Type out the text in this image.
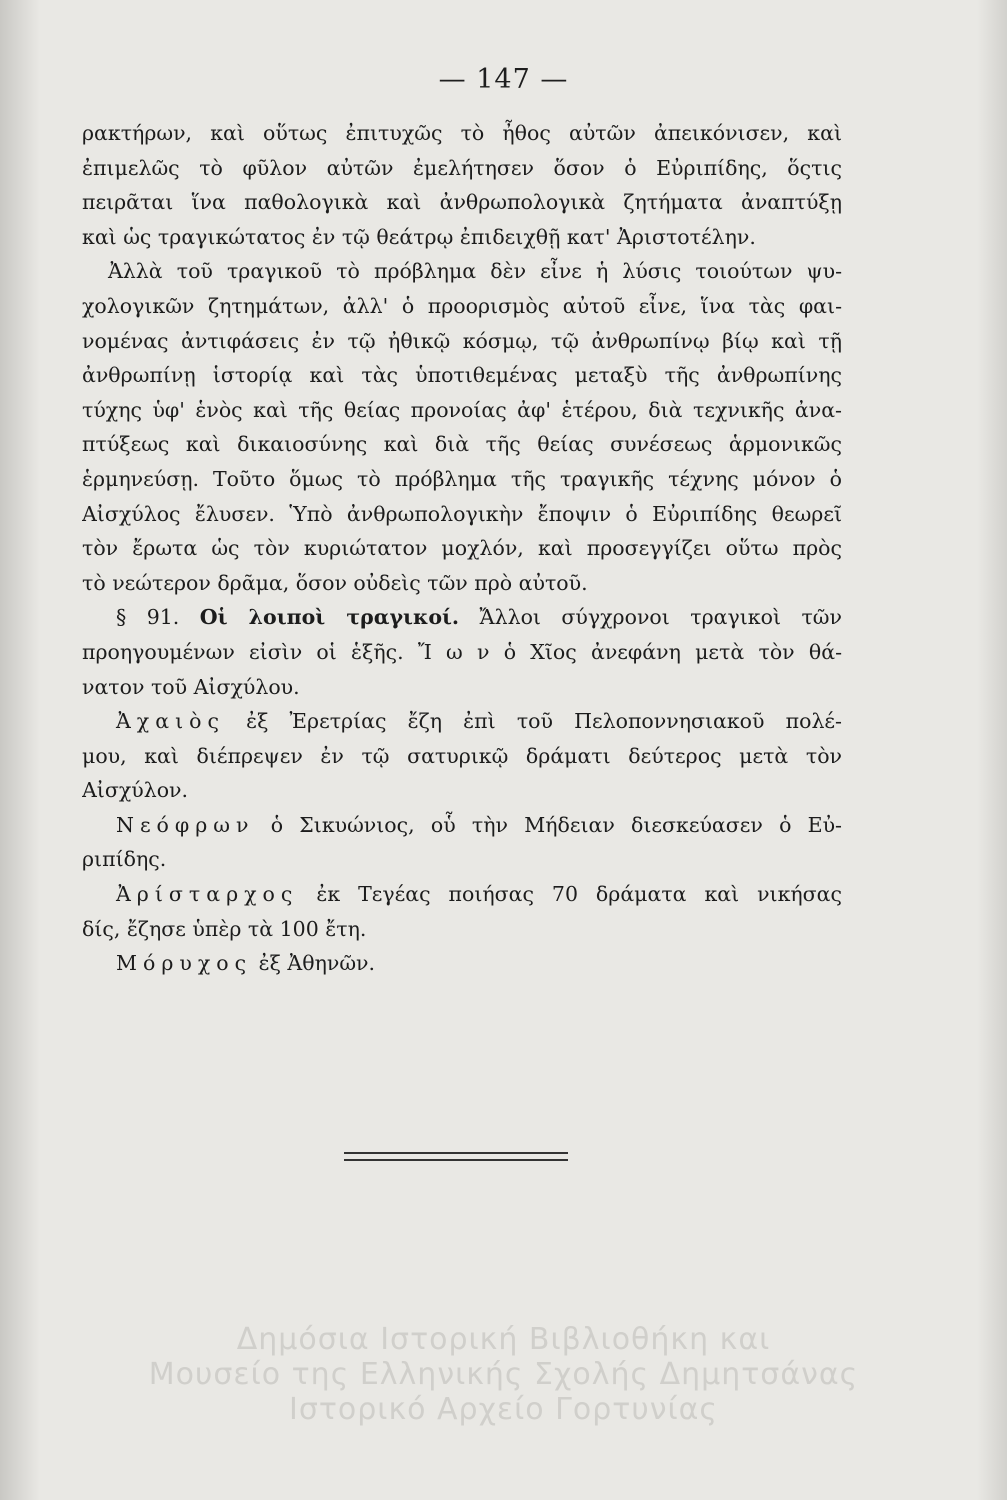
— 147 —
ρακτήρων, καὶ οὕτως ἐπιτυχῶς τὸ ἦθος αὐτῶν ἀπεικόνισεν, καὶ
ἐπιμελῶς τὸ φῦλον αὐτῶν ἐμελήτησεν ὅσον ὁ Εὐριπίδης, ὅςτις
πειρᾶται ἵνα παθολογικὰ καὶ ἀνθρωπολογικὰ ζητήματα ἀναπτύξῃ
καὶ ὡς τραγικώτατος ἐν τῷ θεάτρῳ ἐπιδειχθῇ κατ' Ἀριστοτέλην.
Ἀλλὰ τοῦ τραγικοῦ τὸ πρόβλημα δὲν εἶνε ἡ λύσις τοιούτων ψυ-
χολογικῶν ζητημάτων, ἀλλ' ὁ προορισμὸς αὐτοῦ εἶνε, ἵνα τὰς φαι-
νομένας ἀντιφάσεις ἐν τῷ ἠθικῷ κόσμῳ, τῷ ἀνθρωπίνῳ βίῳ καὶ τῇ
ἀνθρωπίνῃ ἱστορίᾳ καὶ τὰς ὑποτιθεμένας μεταξὺ τῆς ἀνθρωπίνης
τύχης ὑφ' ἑνὸς καὶ τῆς θείας προνοίας ἀφ' ἑτέρου, διὰ τεχνικῆς ἀνα-
πτύξεως καὶ δικαιοσύνης καὶ διὰ τῆς θείας συνέσεως ἁρμονικῶς
ἑρμηνεύσῃ. Τοῦτο ὅμως τὸ πρόβλημα τῆς τραγικῆς τέχνης μόνον ὁ
Αἰσχύλος ἔλυσεν. Ὑπὸ ἀνθρωπολογικὴν ἔποψιν ὁ Εὐριπίδης θεωρεῖ
τὸν ἔρωτα ὡς τὸν κυριώτατον μοχλόν, καὶ προσεγγίζει οὕτω πρὸς
τὸ νεώτερον δρᾶμα, ὅσον οὐδεὶς τῶν πρὸ αὐτοῦ.
§ 91. Οἱ λοιποὶ τραγικοί. Ἄλλοι σύγχρονοι τραγικοὶ τῶν
προηγουμένων εἰσὶν οἱ ἑξῆς. Ἴ ω ν ὁ Χῖος ἀνεφάνη μετὰ τὸν θά-
νατον τοῦ Αἰσχύλου.
Ἀχαιὸς ἐξ Ἐρετρίας ἔζη ἐπὶ τοῦ Πελοποννησιακοῦ πολέ-
μου, καὶ διέπρεψεν ἐν τῷ σατυρικῷ δράματι δεύτερος μετὰ τὸν
Αἰσχύλον.
Νεόφρων ὁ Σικυώνιος, οὗ τὴν Μήδειαν διεσκεύασεν ὁ Εὐ-
ριπίδης.
Ἀρίσταρχος ἐκ Τεγέας ποιήσας 70 δράματα καὶ νικήσας
δίς, ἔζησε ὑπὲρ τὰ 100 ἔτη.
Μόρυχος ἐξ Ἀθηνῶν.
Δημόσια Ιστορική Βιβλιοθήκη και
Μουσείο της Ελληνικής Σχολής Δημητσάνας
Ιστορικό Αρχείο Γορτυνίας
